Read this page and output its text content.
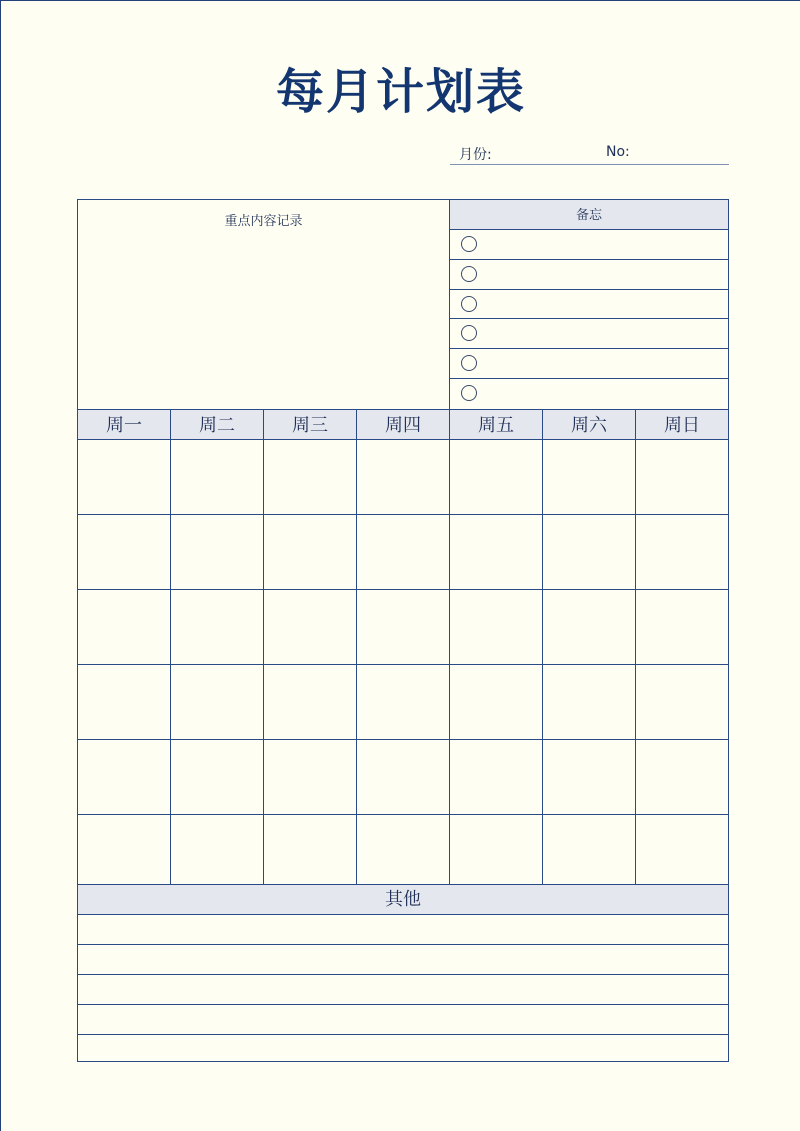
每月计划表
月份:	No:
重点内容记录	备忘
周一	周二	周三	周四	周五	周六	周日
其他
